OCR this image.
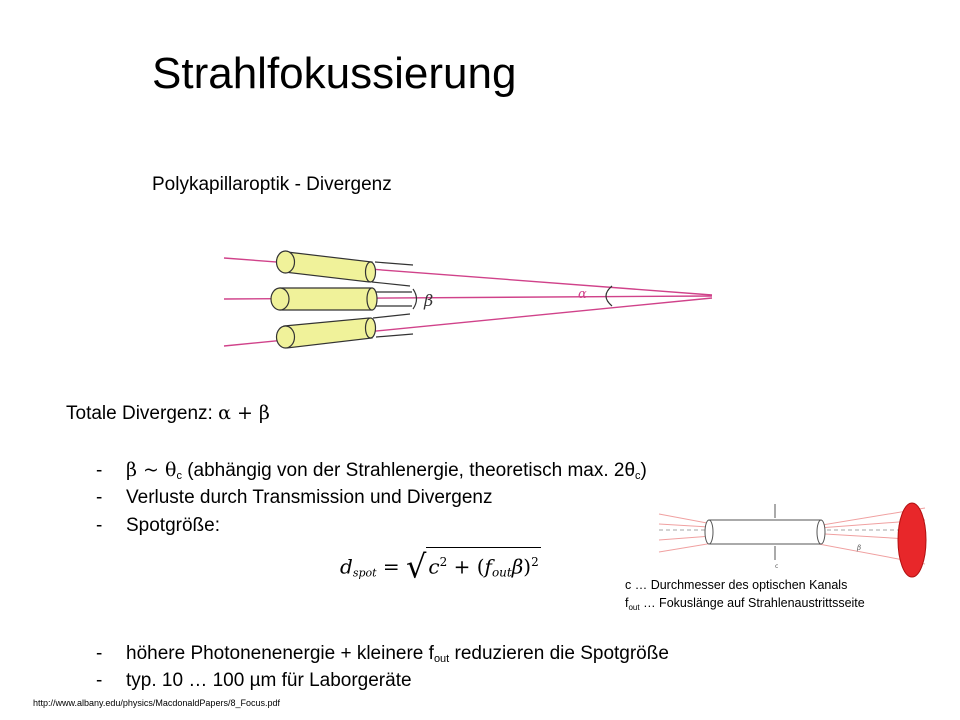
Strahlfokussierung
Polykapillaroptik - Divergenz
β	α
Totale Divergenz: α + β
- β ~ $\theta_c$ (abhängig von der Strahlenergie, theoretisch max. $2\theta_c$)
- Verluste durch Transmission und Divergenz
- Spotgröße:
$d_{spot}$ = √ $c^2 + (f_{out}\beta)^2$	c
β
c … Durchmesser des optischen Kanals
$f_{out}$ … Fokuslänge auf Strahlenaustrittsseite
- höhere Photonenenergie + kleinere $f_{out}$ reduzieren die Spotgröße
- typ. 10 … 100 µm für Laborgeräte
http://www.albany.edu/physics/MacdonaldPapers/8_Focus.pdf
